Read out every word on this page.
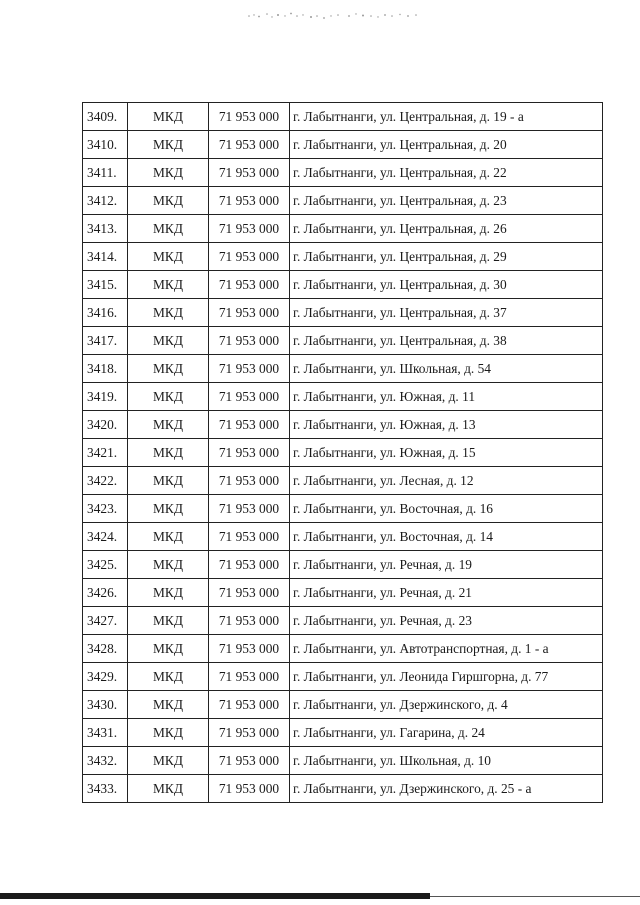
3409.	МКД	71 953 000	г. Лабытнанги, ул. Центральная, д. 19 - а
3410.	МКД	71 953 000	г. Лабытнанги, ул. Центральная, д. 20
3411.	МКД	71 953 000	г. Лабытнанги, ул. Центральная, д. 22
3412.	МКД	71 953 000	г. Лабытнанги, ул. Центральная, д. 23
3413.	МКД	71 953 000	г. Лабытнанги, ул. Центральная, д. 26
3414.	МКД	71 953 000	г. Лабытнанги, ул. Центральная, д. 29
3415.	МКД	71 953 000	г. Лабытнанги, ул. Центральная, д. 30
3416.	МКД	71 953 000	г. Лабытнанги, ул. Центральная, д. 37
3417.	МКД	71 953 000	г. Лабытнанги, ул. Центральная, д. 38
3418.	МКД	71 953 000	г. Лабытнанги, ул. Школьная, д. 54
3419.	МКД	71 953 000	г. Лабытнанги, ул. Южная, д. 11
3420.	МКД	71 953 000	г. Лабытнанги, ул. Южная, д. 13
3421.	МКД	71 953 000	г. Лабытнанги, ул. Южная, д. 15
3422.	МКД	71 953 000	г. Лабытнанги, ул. Лесная, д. 12
3423.	МКД	71 953 000	г. Лабытнанги, ул. Восточная, д. 16
3424.	МКД	71 953 000	г. Лабытнанги, ул. Восточная, д. 14
3425.	МКД	71 953 000	г. Лабытнанги, ул. Речная, д. 19
3426.	МКД	71 953 000	г. Лабытнанги, ул. Речная, д. 21
3427.	МКД	71 953 000	г. Лабытнанги, ул. Речная, д. 23
3428.	МКД	71 953 000	г. Лабытнанги, ул. Автотранспортная, д. 1 - а
3429.	МКД	71 953 000	г. Лабытнанги, ул. Леонида Гиршгорна, д. 77
3430.	МКД	71 953 000	г. Лабытнанги, ул. Дзержинского, д. 4
3431.	МКД	71 953 000	г. Лабытнанги, ул. Гагарина, д. 24
3432.	МКД	71 953 000	г. Лабытнанги, ул. Школьная, д. 10
3433.	МКД	71 953 000	г. Лабытнанги, ул. Дзержинского, д. 25 - а
